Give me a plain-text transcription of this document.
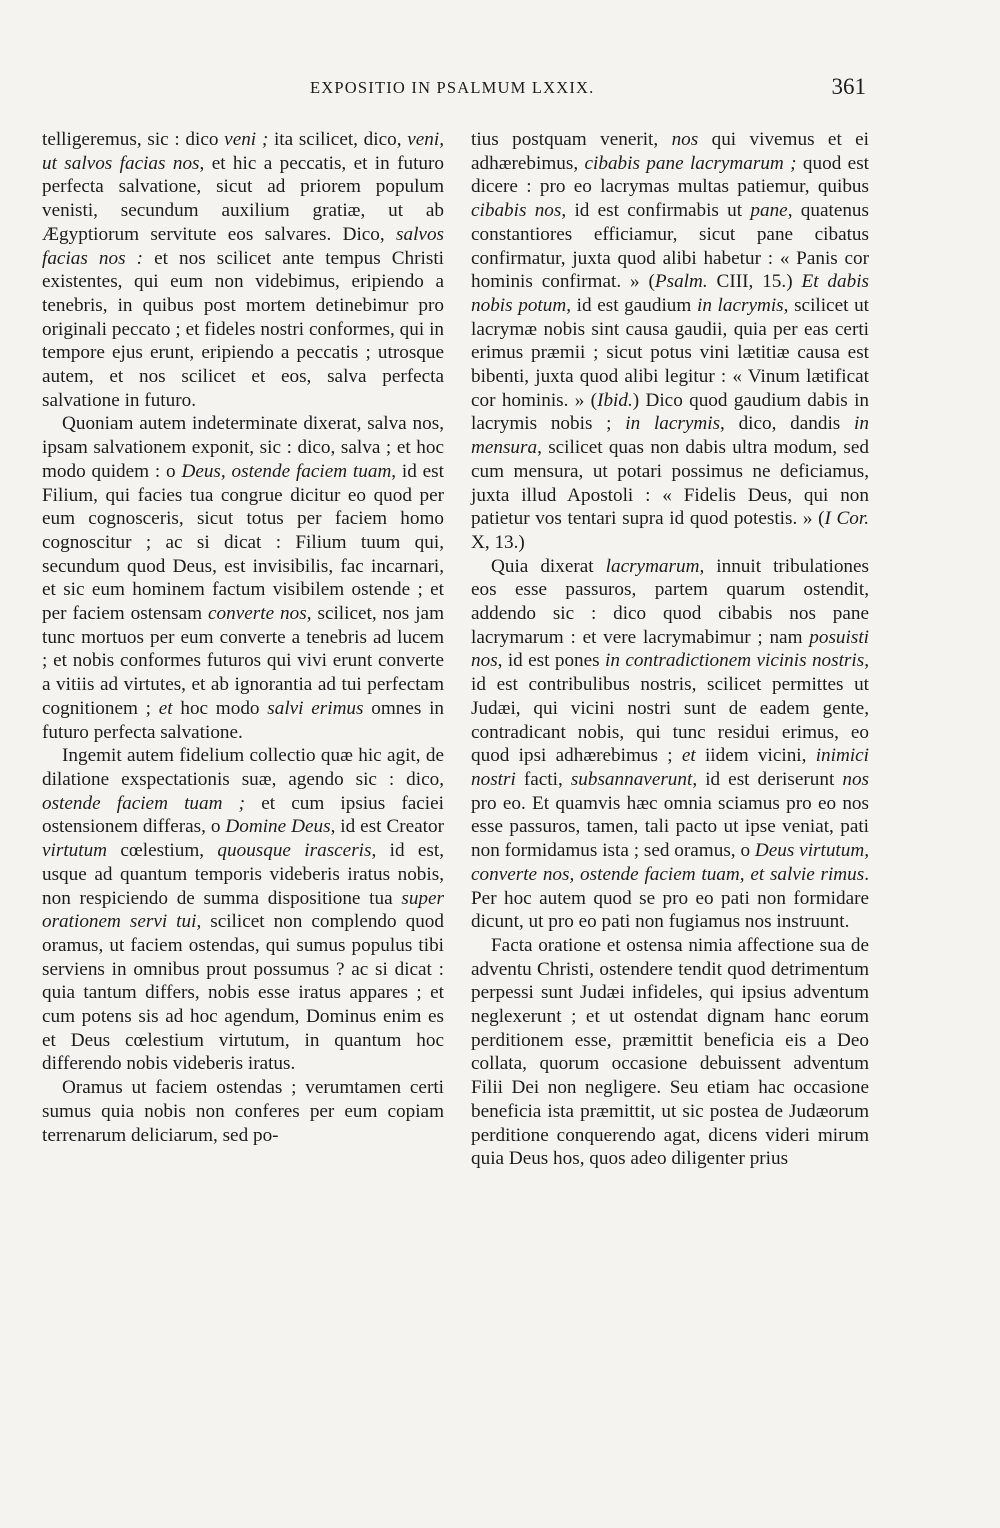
EXPOSITIO IN PSALMUM LXXIX.	361

telligeremus, sic : dico veni ; ita scilicet, dico, veni, ut salvos facias nos, et hic a peccatis, et in futuro perfecta salvatione, sicut ad priorem populum venisti, secundum auxilium gratiæ, ut ab Ægyptiorum servitute eos salvares. Dico, salvos facias nos : et nos scilicet ante tempus Christi existentes, qui eum non videbimus, eripiendo a tenebris, in quibus post mortem detinebimur pro originali peccato ; et fideles nostri conformes, qui in tempore ejus erunt, eripiendo a peccatis ; utrosque autem, et nos scilicet et eos, salva perfecta salvatione in futuro.

Quoniam autem indeterminate dixerat, salva nos, ipsam salvationem exponit, sic : dico, salva ; et hoc modo quidem : o Deus, ostende faciem tuam, id est Filium, qui facies tua congrue dicitur eo quod per eum cognosceris, sicut totus per faciem homo cognoscitur ; ac si dicat : Filium tuum qui, secundum quod Deus, est invisibilis, fac incarnari, et sic eum hominem factum visibilem ostende ; et per faciem ostensam converte nos, scilicet, nos jam tunc mortuos per eum converte a tenebris ad lucem ; et nobis conformes futuros qui vivi erunt converte a vitiis ad virtutes, et ab ignorantia ad tui perfectam cognitionem ; et hoc modo salvi erimus omnes in futuro perfecta salvatione.

Ingemit autem fidelium collectio quæ hic agit, de dilatione exspectationis suæ, agendo sic : dico, ostende faciem tuam ; et cum ipsius faciei ostensionem differas, o Domine Deus, id est Creator virtutum cœlestium, quousque irasceris, id est, usque ad quantum temporis videberis iratus nobis, non respiciendo de summa dispositione tua super orationem servi tui, scilicet non complendo quod oramus, ut faciem ostendas, qui sumus populus tibi serviens in omnibus prout possumus ? ac si dicat : quia tantum differs, nobis esse iratus appares ; et cum potens sis ad hoc agendum, Dominus enim es et Deus cœlestium virtutum, in quantum hoc differendo nobis videberis iratus.

Oramus ut faciem ostendas ; verumtamen certi sumus quia nobis non conferes per eum copiam terrenarum deliciarum, sed po-

tius postquam venerit, nos qui vivemus et ei adhærebimus, cibabis pane lacrymarum ; quod est dicere : pro eo lacrymas multas patiemur, quibus cibabis nos, id est confirmabis ut pane, quatenus constantiores efficiamur, sicut pane cibatus confirmatur, juxta quod alibi habetur : « Panis cor hominis confirmat. » (Psalm. CIII, 15.) Et dabis nobis potum, id est gaudium in lacrymis, scilicet ut lacrymæ nobis sint causa gaudii, quia per eas certi erimus præmii ; sicut potus vini lætitiæ causa est bibenti, juxta quod alibi legitur : « Vinum lætificat cor hominis. » (Ibid.) Dico quod gaudium dabis in lacrymis nobis ; in lacrymis, dico, dandis in mensura, scilicet quas non dabis ultra modum, sed cum mensura, ut potari possimus ne deficiamus, juxta illud Apostoli : « Fidelis Deus, qui non patietur vos tentari supra id quod potestis. » (I Cor. X, 13.)

Quia dixerat lacrymarum, innuit tribulationes eos esse passuros, partem quarum ostendit, addendo sic : dico quod cibabis nos pane lacrymarum : et vere lacrymabimur ; nam posuisti nos, id est pones in contradictionem vicinis nostris, id est contribulibus nostris, scilicet permittes ut Judæi, qui vicini nostri sunt de eadem gente, contradicant nobis, qui tunc residui erimus, eo quod ipsi adhærebimus ; et iidem vicini, inimici nostri facti, subsannaverunt, id est deriserunt nos pro eo. Et quamvis hæc omnia sciamus pro eo nos esse passuros, tamen, tali pacto ut ipse veniat, pati non formidamus ista ; sed oramus, o Deus virtutum, converte nos, ostende faciem tuam, et salvie rimus. Per hoc autem quod se pro eo pati non formidare dicunt, ut pro eo pati non fugiamus nos instruunt.

Facta oratione et ostensa nimia affectione sua de adventu Christi, ostendere tendit quod detrimentum perpessi sunt Judæi infideles, qui ipsius adventum neglexerunt ; et ut ostendat dignam hanc eorum perditionem esse, præmittit beneficia eis a Deo collata, quorum occasione debuissent adventum Filii Dei non negligere. Seu etiam hac occasione beneficia ista præmittit, ut sic postea de Judæorum perditione conquerendo agat, dicens videri mirum quia Deus hos, quos adeo diligenter prius
